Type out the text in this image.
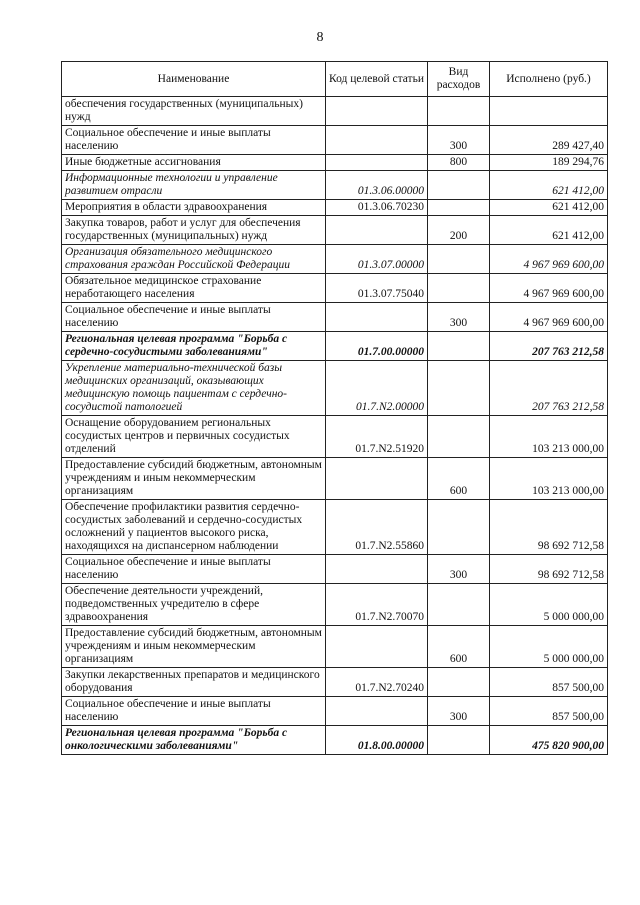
8
Наименование	Код целевой статьи	Вид расходов	Исполнено (руб.)
обеспечения государственных (муниципальных) нужд			
Социальное обеспечение и иные выплаты населению		300	289 427,40
Иные бюджетные ассигнования		800	189 294,76
Информационные технологии и управление развитием отрасли	01.3.06.00000		621 412,00
Мероприятия в области здравоохранения	01.3.06.70230		621 412,00
Закупка товаров, работ и услуг для обеспечения государственных (муниципальных) нужд		200	621 412,00
Организация обязательного медицинского страхования граждан Российской Федерации	01.3.07.00000		4 967 969 600,00
Обязательное медицинское страхование неработающего населения	01.3.07.75040		4 967 969 600,00
Социальное обеспечение и иные выплаты населению		300	4 967 969 600,00
Региональная целевая программа "Борьба с сердечно-сосудистыми заболеваниями"	01.7.00.00000		207 763 212,58
Укрепление материально-технической базы медицинских организаций, оказывающих медицинскую помощь пациентам с сердечно-сосудистой патологией	01.7.N2.00000		207 763 212,58
Оснащение оборудованием региональных сосудистых центров и первичных сосудистых отделений	01.7.N2.51920		103 213 000,00
Предоставление субсидий бюджетным, автономным учреждениям и иным некоммерческим организациям		600	103 213 000,00
Обеспечение профилактики развития сердечно-сосудистых заболеваний и сердечно-сосудистых осложнений у пациентов высокого риска, находящихся на диспансерном наблюдении	01.7.N2.55860		98 692 712,58
Социальное обеспечение и иные выплаты населению		300	98 692 712,58
Обеспечение деятельности учреждений, подведомственных учредителю в сфере здравоохранения	01.7.N2.70070		5 000 000,00
Предоставление субсидий бюджетным, автономным учреждениям и иным некоммерческим организациям		600	5 000 000,00
Закупки лекарственных препаратов и медицинского оборудования	01.7.N2.70240		857 500,00
Социальное обеспечение и иные выплаты населению		300	857 500,00
Региональная целевая программа "Борьба с онкологическими заболеваниями"	01.8.00.00000		475 820 900,00
